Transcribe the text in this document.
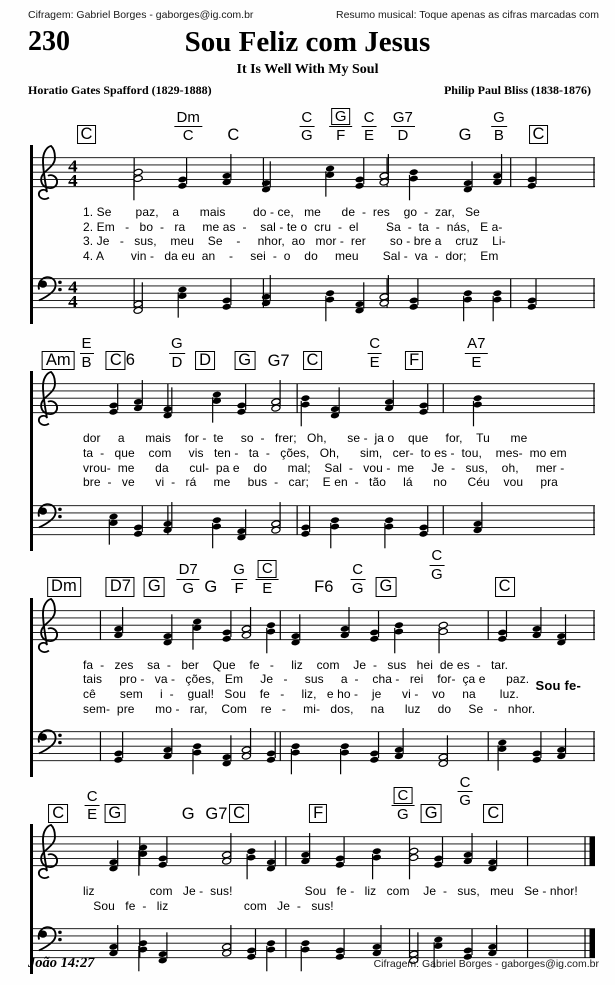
Cifragem: Gabriel Borges - gaborges@ig.com.br	Resumo musical: Toque apenas as cifras marcadas com
230	Sou Feliz com Jesus
It Is Well With My Soul
Horatio Gates Spafford (1829-1888)	Philip Paul Bliss (1838-1876)
C
Dm
C C
C
G
G
F
C
E
G7
D	G
G
B C
4
4
1. Se       paz,    a      mais        do - ce,   me      de  -  res    go  -  zar,   Se
2. Em   -   bo  -   ra     me as  -    sal - te o  cru  -  el        Sa  -  ta  -  nás,   E a-
3. Je   -   sus,    meu    Se    -     nhor,  ao   mor -  rer       so - bre a    cruz    Li-
4. A        vin -   da eu  an    -     sei  -  o    do     meu       Sal -  va  -  dor;    Em
4
4
Am
E
B C 6
G
D D G G7 C
C
E F
A7
E
dor     a      mais    for -  te     so  -   frer;   Oh,      se -  ja o    que     for,    Tu      me
ta  -   que    com     vis   ten -   ta  -   ções,   Oh,      sim,   cer-  to es -  tou,    mes-  mo em
vrou-  me      da      cul-  pa e    do      mal;    Sal  -   vou -  me     Je  -   sus,    oh,     mer -
bre  -   ve      vi  -   rá     me     bus  -   car;    E en  -   tão     lá      no      Céu    vou     pra
Dm D7 G
D7
G G
G
F
C
E	F6
C
G G
C
G
C
fa  -   zes    sa  -   ber    Que    fe   -     liz    com    Je  -   sus   hei  de es  -   tar.
tais     pro -   va -   ções,   Em     Je   -     sus     a  -    cha -   rei    for-  ça e      paz.
cê       sem     i  -    gual!   Sou    fe   -     liz,   e ho -    je      vi -    vo     na       luz.
sem-  pre      mo -   rar,    Com    re   -     mi-   dos,     na      luz     do     Se   -   nhor.
Sou fe-
C
C
E G	G G7 C	F
C
G G
C
G
C
liz                com   Je -  sus!                     Sou   fe -   liz   com    Je  -   sus,   meu   Se - nhor!
Sou   fe  -   liz                      com   Je  -   sus!
João 14:27	Cifragem: Gabriel Borges - gaborges@ig.com.br
